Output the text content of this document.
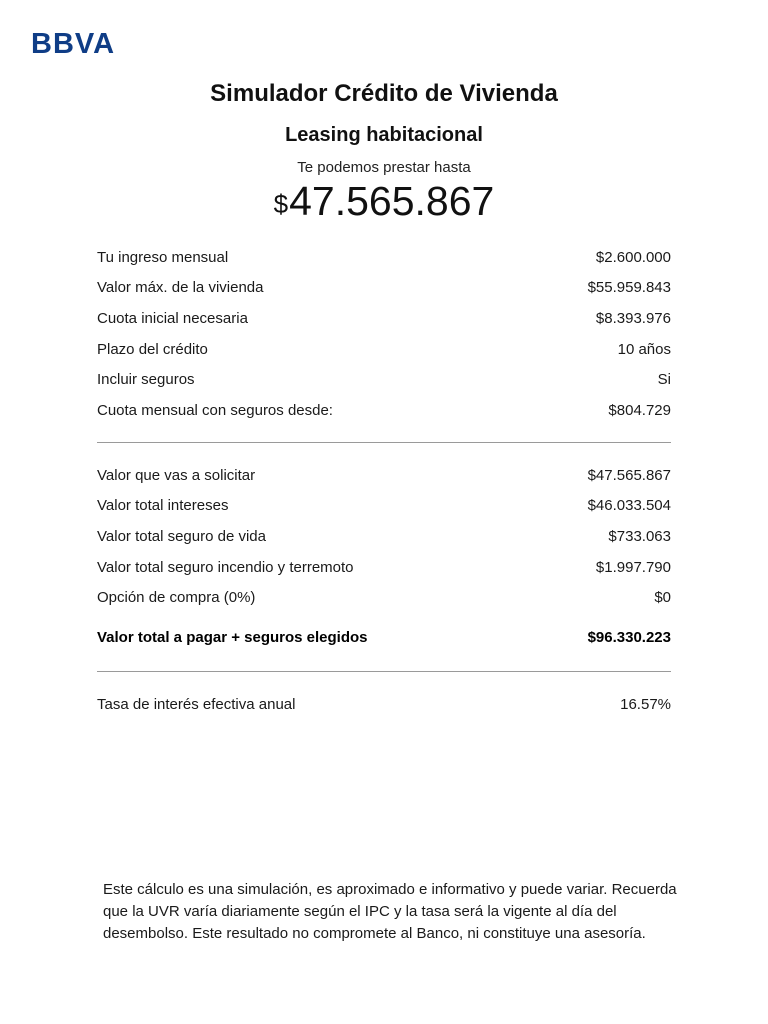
BBVA
Simulador Crédito de Vivienda
Leasing habitacional
Te podemos prestar hasta
$47.565.867
Tu ingreso mensual	$2.600.000
Valor máx. de la vivienda	$55.959.843
Cuota inicial necesaria	$8.393.976
Plazo del crédito	10 años
Incluir seguros	Si
Cuota mensual con seguros desde:	$804.729
Valor que vas a solicitar	$47.565.867
Valor total intereses	$46.033.504
Valor total seguro de vida	$733.063
Valor total seguro incendio y terremoto	$1.997.790
Opción de compra (0%)	$0
Valor total a pagar + seguros elegidos	$96.330.223
Tasa de interés efectiva anual	16.57%
Este cálculo es una simulación, es aproximado e informativo y puede variar. Recuerda que la UVR varía diariamente según el IPC y la tasa será la vigente al día del desembolso. Este resultado no compromete al Banco, ni constituye una asesoría.
